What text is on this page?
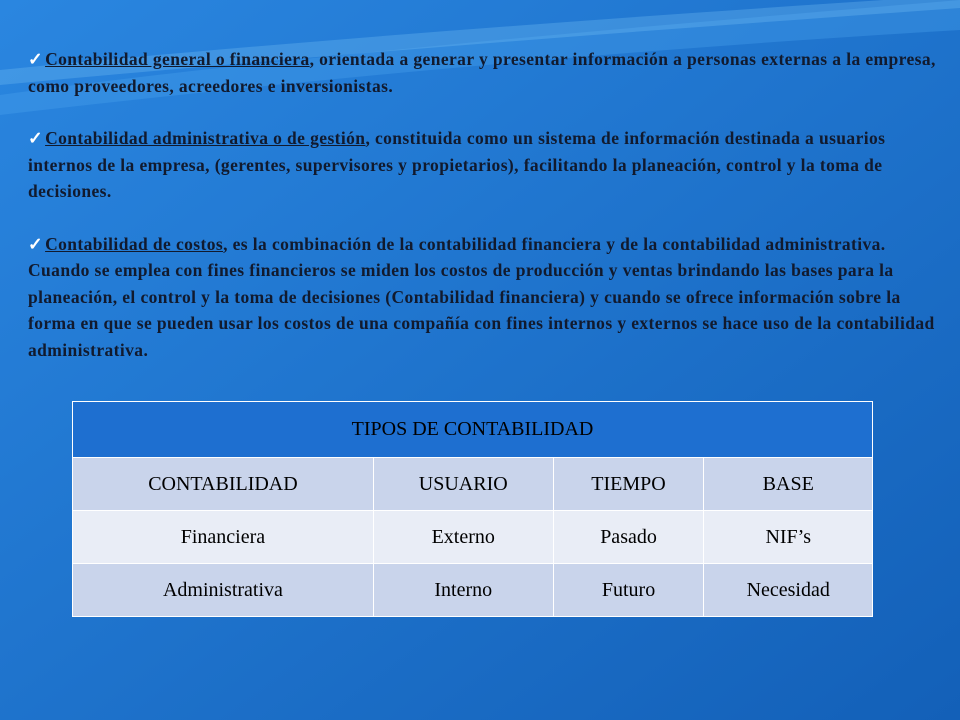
✓ Contabilidad general o financiera, orientada a generar y presentar información a personas externas a la empresa, como proveedores, acreedores e inversionistas.

✓ Contabilidad administrativa o de gestión, constituida como un sistema de información destinada a usuarios internos de la empresa, (gerentes, supervisores y propietarios), facilitando la planeación, control y la toma de decisiones.

✓ Contabilidad de costos, es la combinación de la contabilidad financiera y de la contabilidad administrativa. Cuando se emplea con fines financieros se miden los costos de producción y ventas brindando las bases para la planeación, el control y la toma de decisiones (Contabilidad financiera) y cuando se ofrece información sobre la forma en que se pueden usar los costos de una compañía con fines internos y externos se hace uso de la contabilidad administrativa.

TIPOS DE CONTABILIDAD			
CONTABILIDAD	USUARIO	TIEMPO	BASE
Financiera	Externo	Pasado	NIF’s
Administrativa	Interno	Futuro	Necesidad
